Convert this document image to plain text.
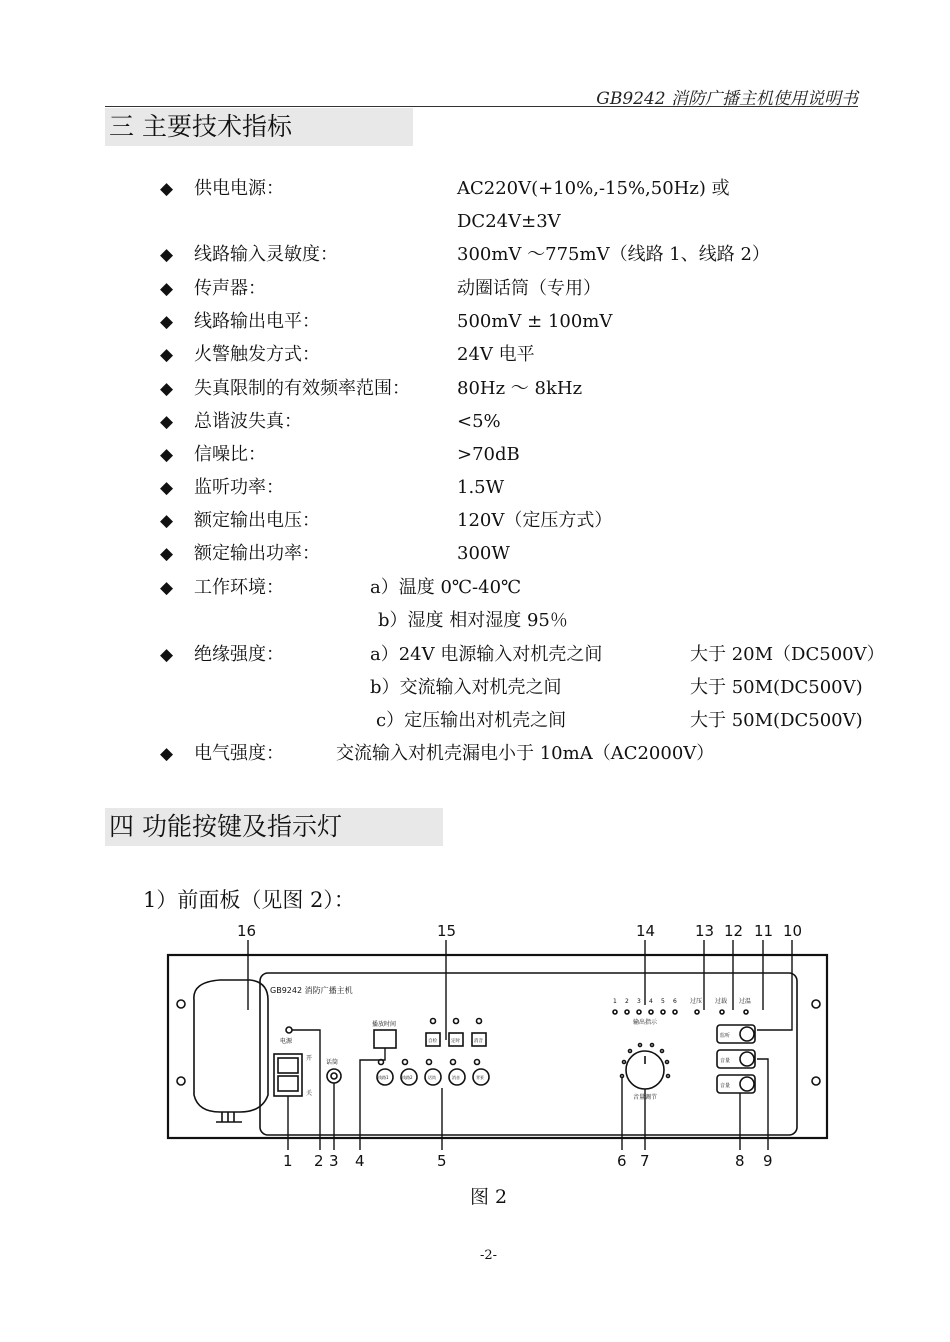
GB9242 消防广播主机使用说明书
三 主要技术指标
◆ 供电电源：	AC220V(+10%,-15%,50Hz) 或
DC24V±3V
◆ 线路输入灵敏度：	300mV ～775mV（线路 1、线路 2）
◆ 传声器：	动圈话筒（专用）
◆ 线路输出电平：	500mV ± 100mV
◆ 火警触发方式：	24V 电平
◆ 失真限制的有效频率范围：	80Hz ～ 8kHz
◆ 总谐波失真：	<5%
◆ 信噪比：	>70dB
◆ 监听功率：	1.5W
◆ 额定输出电压：	120V（定压方式）
◆ 额定输出功率：	300W
◆ 工作环境：	a）温度 0℃-40℃
b）湿度 相对湿度 95％
◆ 绝缘强度：	a）24V 电源输入对机壳之间	大于 20M（DC500V）
b）交流输入对机壳之间	大于 50M(DC500V)
c）定压输出对机壳之间	大于 50M(DC500V)
◆ 电气强度：	交流输入对机壳漏电小于 10mA（AC2000V）
四 功能按键及指示灯
1）前面板（见图 2）：
16	15	14	13 12 11 10
1 2 3 4	5	6 7	8 9
GB9242 消防广播主机
电源
开
关
话筒
播放时间
自检	定时	消音
线路1	线路2	话筒	消音	背景
1 2 3 4 5 6
输出指示
过压 过载 过温
监听
音量
音量
音量调节
图 2
-2-
